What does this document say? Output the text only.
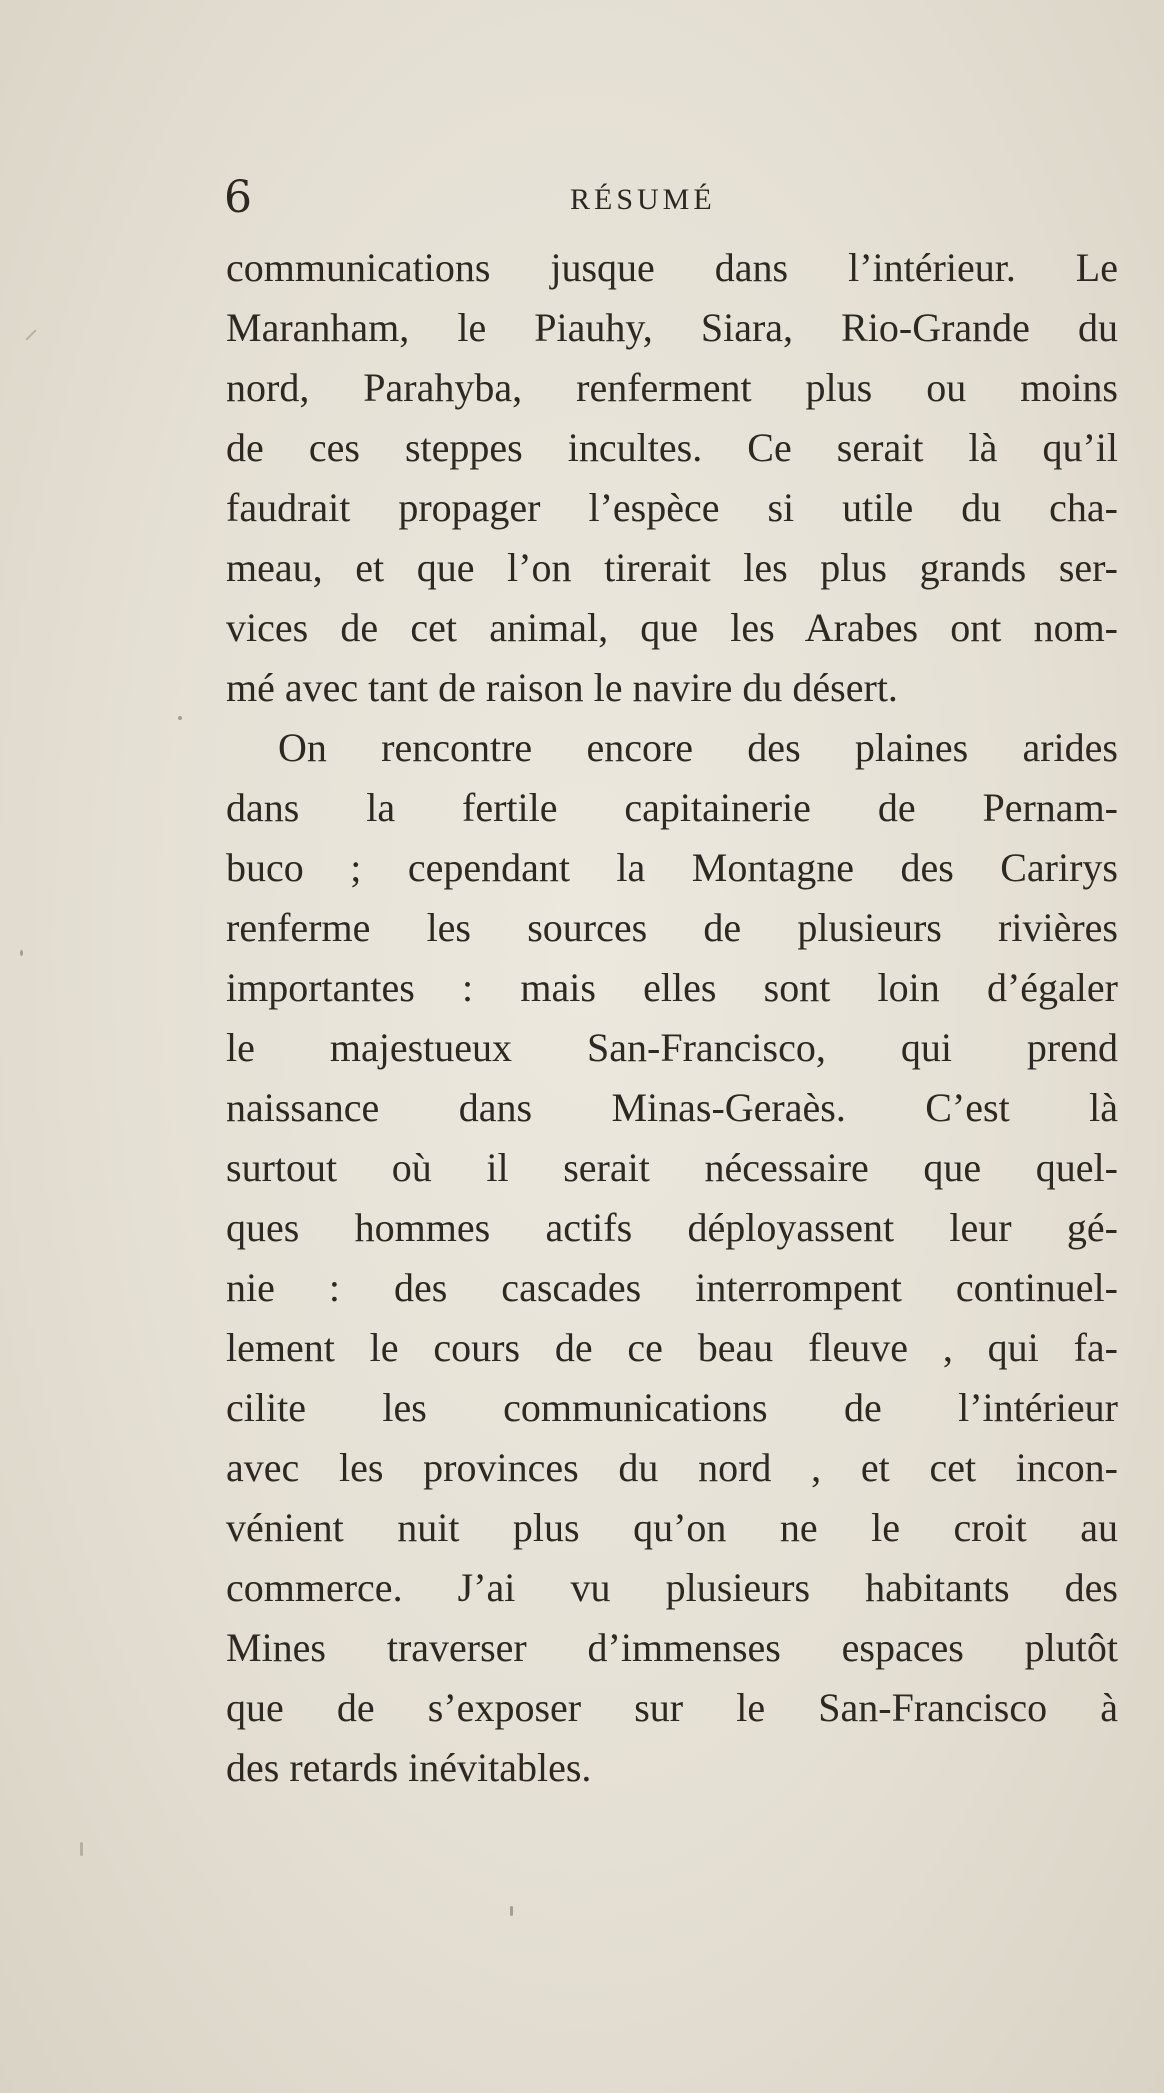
6	RÉSUMÉ
communications jusque dans l’intérieur. Le
Maranham, le Piauhy, Siara, Rio-Grande du
nord, Parahyba, renferment plus ou moins
de ces steppes incultes. Ce serait là qu’il
faudrait propager l’espèce si utile du cha-
meau, et que l’on tirerait les plus grands ser-
vices de cet animal, que les Arabes ont nom-
mé avec tant de raison le navire du désert.
On rencontre encore des plaines arides
dans la fertile capitainerie de Pernam-
buco ; cependant la Montagne des Carirys
renferme les sources de plusieurs rivières
importantes : mais elles sont loin d’égaler
le majestueux San-Francisco, qui prend
naissance dans Minas-Geraès. C’est là
surtout où il serait nécessaire que quel-
ques hommes actifs déployassent leur gé-
nie : des cascades interrompent continuel-
lement le cours de ce beau fleuve , qui fa-
cilite les communications de l’intérieur
avec les provinces du nord , et cet incon-
vénient nuit plus qu’on ne le croit au
commerce. J’ai vu plusieurs habitants des
Mines traverser d’immenses espaces plutôt
que de s’exposer sur le San-Francisco à
des retards inévitables.
